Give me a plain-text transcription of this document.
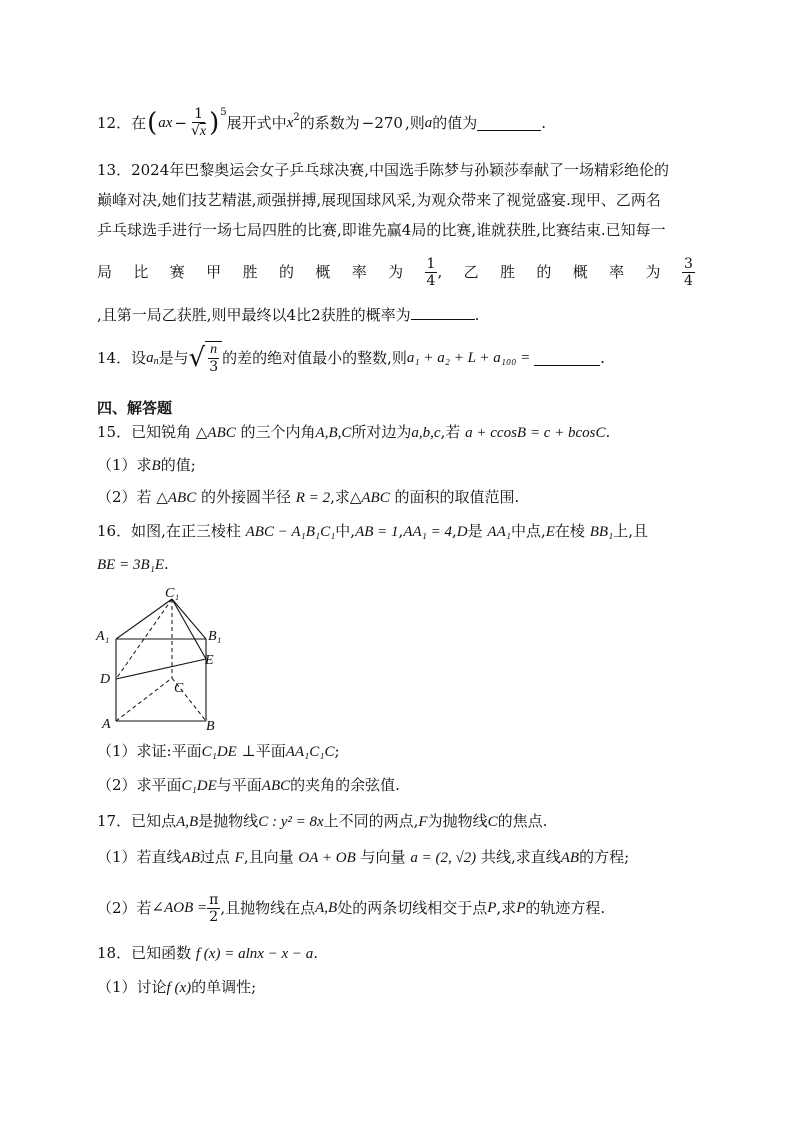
12．在 ( ax − $\frac{1}{√x} )^5$
展开式中 $x^2$ 的系数为 −270 ,则 a 的值为	.
13．2024年巴黎奥运会女子乒乓球决赛,中国选手陈梦与孙颖莎奉献了一场精彩绝伦的
巅峰对决,她们技艺精湛,顽强拼搏,展现国球风采,为观众带来了视觉盛宴.现甲、乙两名
乒乓球选手进行一场七局四胜的比赛,即谁先赢4局的比赛,谁就获胜,比赛结束.已知每一
局 比 赛 甲 胜 的 概 率 为 $\frac{1}{4}$ , 乙 胜 的 概 率 为 $\frac{3}{4}$
,且第一局乙获胜,则甲最终以4比2获胜的概率为	.
14．设 $a_n$ 是与 √ $\frac{n}{3}$ 的差的绝对值最小的整数,则 a₁ + a₂ + L + a₁₀₀ =	.
四、解答题
15．已知锐角 △ABC 的三个内角A,B,C所对边为a,b,c,若 a + ccosB = c + bcosC.
（1）求B的值;
（2）若 △ABC 的外接圆半径 R = 2,求△ABC 的面积的取值范围.
16．如图,在正三棱柱 ABC − A₁B₁C₁中,AB = 1,AA₁ = 4,D是 AA₁中点,E在棱 BB₁上,且
BE = 3B₁E.
C₁
A₁	B₁
E
D
C
A	B
（1）求证:平面C₁DE ⊥平面AA₁C₁C;
（2）求平面C₁DE与平面ABC的夹角的余弦值.
17．已知点A,B是抛物线C : y² = 8x上不同的两点,F为抛物线C的焦点.
（1）若直线AB过点 F,且向量 OA + OB 与向量 a = (2, √2) 共线,求直线AB的方程;
（2）若 ∠AOB = $\frac{\pi}{2}$ ,且抛物线在点 A,B 处的两条切线相交于点 P ,求 P 的轨迹方程.
18．已知函数 f (x) = alnx − x − a.
（1）讨论f (x)的单调性;
